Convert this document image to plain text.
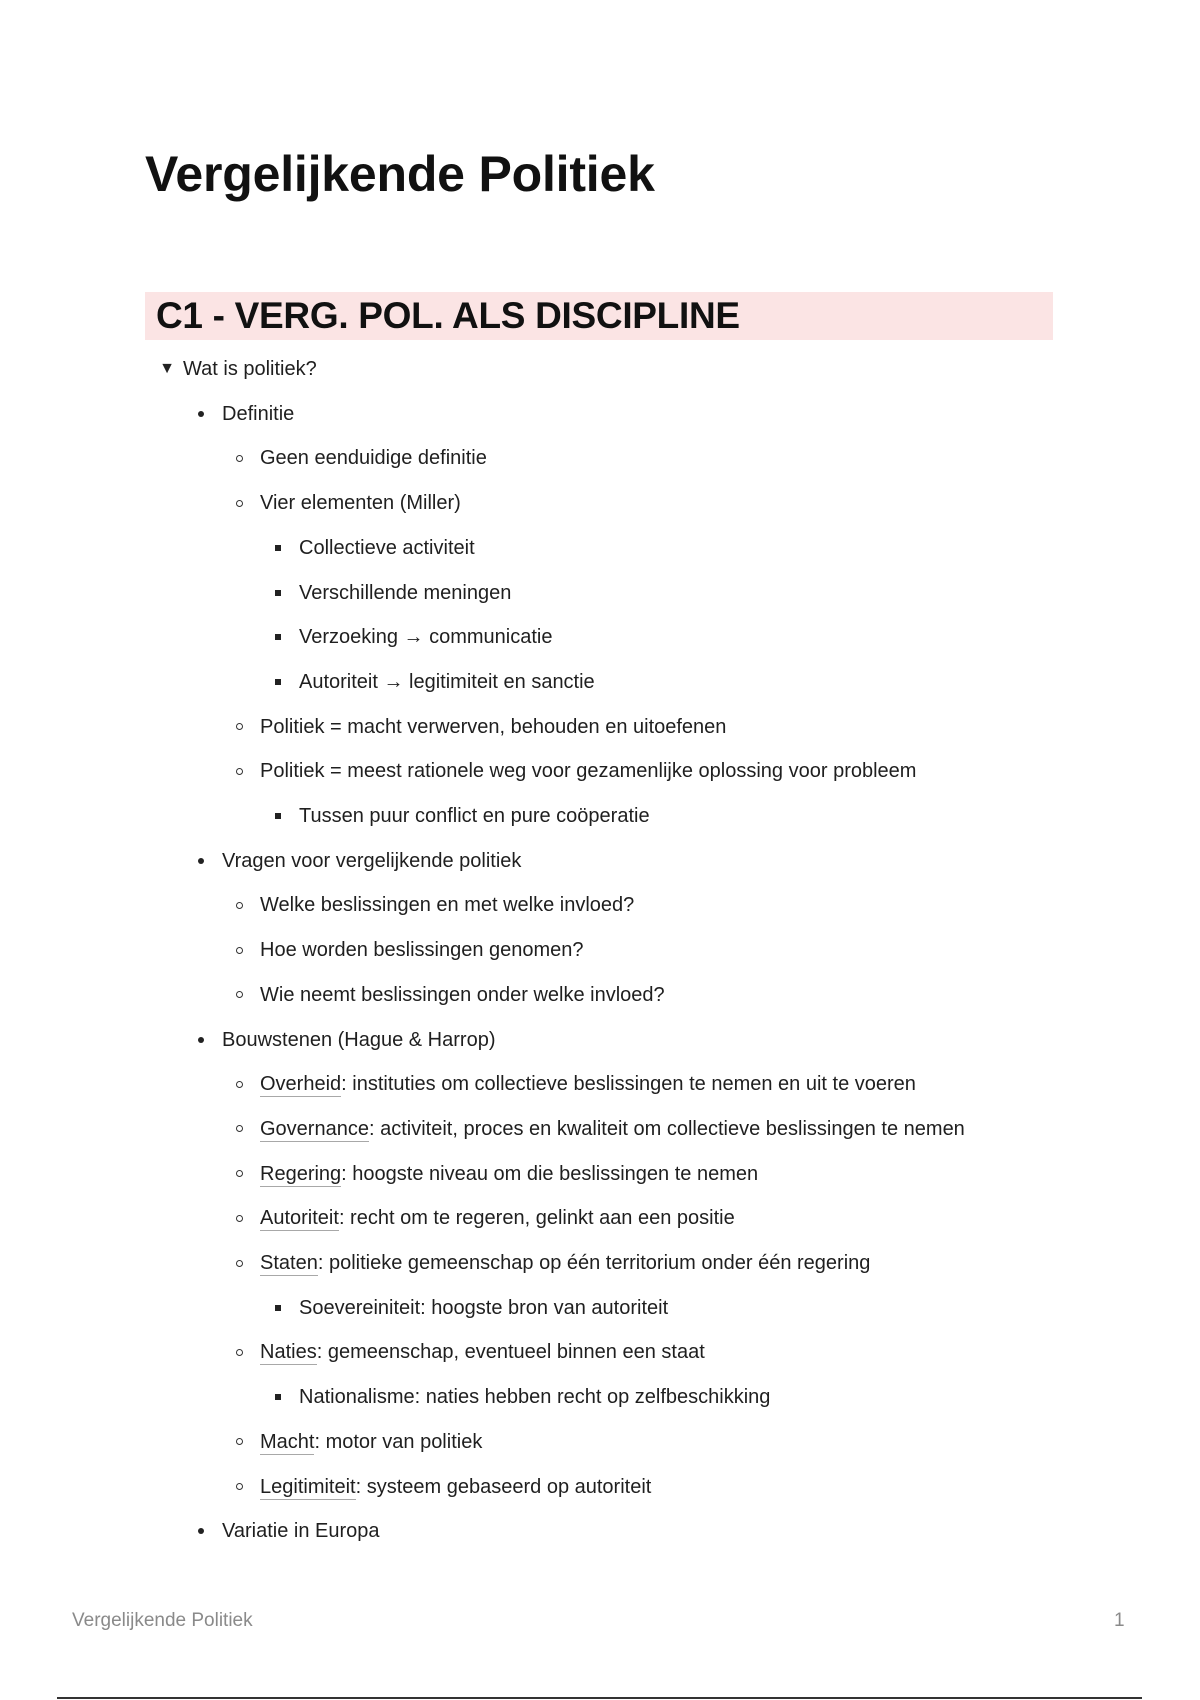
Vergelijkende Politiek
C1 - VERG. POL. ALS DISCIPLINE
▼ Wat is politiek?
Definitie
Geen eenduidige definitie
Vier elementen (Miller)
Collectieve activiteit
Verschillende meningen
Verzoeking → communicatie
Autoriteit → legitimiteit en sanctie
Politiek = macht verwerven, behouden en uitoefenen
Politiek = meest rationele weg voor gezamenlijke oplossing voor probleem
Tussen puur conflict en pure coöperatie
Vragen voor vergelijkende politiek
Welke beslissingen en met welke invloed?
Hoe worden beslissingen genomen?
Wie neemt beslissingen onder welke invloed?
Bouwstenen (Hague & Harrop)
Overheid: instituties om collectieve beslissingen te nemen en uit te voeren
Governance: activiteit, proces en kwaliteit om collectieve beslissingen te nemen
Regering: hoogste niveau om die beslissingen te nemen
Autoriteit: recht om te regeren, gelinkt aan een positie
Staten: politieke gemeenschap op één territorium onder één regering
Soevereiniteit: hoogste bron van autoriteit
Naties: gemeenschap, eventueel binnen een staat
Nationalisme: naties hebben recht op zelfbeschikking
Macht: motor van politiek
Legitimiteit: systeem gebaseerd op autoriteit
Variatie in Europa
Vergelijkende Politiek	1
